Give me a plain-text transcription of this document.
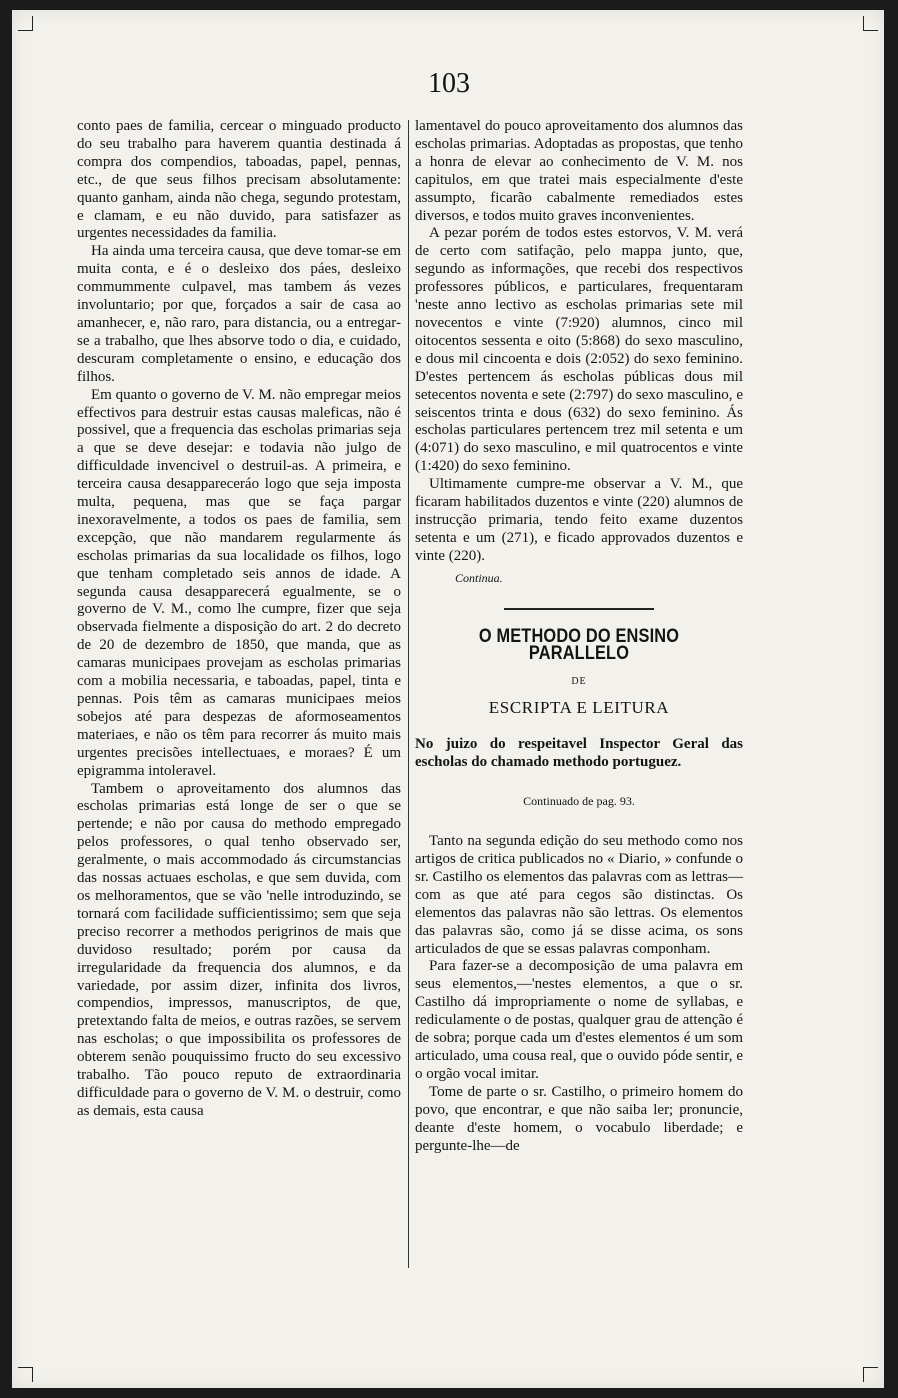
103

conto paes de familia, cercear o minguado producto do seu trabalho para haverem quantia destinada á compra dos compendios, taboadas, papel, pennas, etc., de que seus filhos precisam absolutamente: quanto ganham, ainda não chega, segundo protestam, e clamam, e eu não duvido, para satisfazer as urgentes necessidades da familia.

Ha ainda uma terceira causa, que deve tomar-se em muita conta, e é o desleixo dos páes, desleixo commummente culpavel, mas tambem ás vezes involuntario; por que, forçados a sair de casa ao amanhecer, e, não raro, para distancia, ou a entregar-se a trabalho, que lhes absorve todo o dia, e cuidado, descuram completamente o ensino, e educação dos filhos.

Em quanto o governo de V. M. não empregar meios effectivos para destruir estas causas maleficas, não é possivel, que a frequencia das escholas primarias seja a que se deve desejar: e todavia não julgo de difficuldade invencivel o destruil-as. A primeira, e terceira causa desappareceráo logo que seja imposta multa, pequena, mas que se faça pargar inexoravelmente, a todos os paes de familia, sem excepção, que não mandarem regularmente ás escholas primarias da sua localidade os filhos, logo que tenham completado seis annos de idade. A segunda causa desapparecerá egualmente, se o governo de V. M., como lhe cumpre, fizer que seja observada fielmente a disposição do art. 2 do decreto de 20 de dezembro de 1850, que manda, que as camaras municipaes provejam as escholas primarias com a mobilia necessaria, e taboadas, papel, tinta e pennas. Pois têm as camaras municipaes meios sobejos até para despezas de aformoseamentos materiaes, e não os têm para recorrer ás muito mais urgentes precisões intellectuaes, e moraes? É um epigramma intoleravel.

Tambem o aproveitamento dos alumnos das escholas primarias está longe de ser o que se pertende; e não por causa do methodo empregado pelos professores, o qual tenho observado ser, geralmente, o mais accommodado ás circumstancias das nossas actuaes escholas, e que sem duvida, com os melhoramentos, que se vão 'nelle introduzindo, se tornará com facilidade sufficientissimo; sem que seja preciso recorrer a methodos perigrinos de mais que duvidoso resultado; porém por causa da irregularidade da frequencia dos alumnos, e da variedade, por assim dizer, infinita dos livros, compendios, impressos, manuscriptos, de que, pretextando falta de meios, e outras razões, se servem nas escholas; o que impossibilita os professores de obterem senão pouquissimo fructo do seu excessivo trabalho. Tão pouco reputo de extraordinaria difficuldade para o governo de V. M. o destruir, como as demais, esta causa

lamentavel do pouco aproveitamento dos alumnos das escholas primarias. Adoptadas as propostas, que tenho a honra de elevar ao conhecimento de V. M. nos capitulos, em que tratei mais especialmente d'este assumpto, ficarão cabalmente remediados estes diversos, e todos muito graves inconvenientes.

A pezar porém de todos estes estorvos, V. M. verá de certo com satifação, pelo mappa junto, que, segundo as informações, que recebi dos respectivos professores públicos, e particulares, frequentaram 'neste anno lectivo as escholas primarias sete mil novecentos e vinte (7:920) alumnos, cinco mil oitocentos sessenta e oito (5:868) do sexo masculino, e dous mil cincoenta e dois (2:052) do sexo feminino. D'estes pertencem ás escholas públicas dous mil setecentos noventa e sete (2:797) do sexo masculino, e seiscentos trinta e dous (632) do sexo feminino. Ás escholas particulares pertencem trez mil setenta e um (4:071) do sexo masculino, e mil quatrocentos e vinte (1:420) do sexo feminino.

Ultimamente cumpre-me observar a V. M., que ficaram habilitados duzentos e vinte (220) alumnos de instrucção primaria, tendo feito exame duzentos setenta e um (271), e ficado approvados duzentos e vinte (220).

Continua.

O METHODO DO ENSINO PARALLELO
DE
ESCRIPTA E LEITURA

No juizo do respeitavel Inspector Geral das escholas do chamado methodo portuguez.

Continuado de pag. 93.

Tanto na segunda edição do seu methodo como nos artigos de critica publicados no « Diario, » confunde o sr. Castilho os elementos das palavras com as lettras—com as que até para cegos são distinctas. Os elementos das palavras não são lettras. Os elementos das palavras são, como já se disse acima, os sons articulados de que se essas palavras componham.

Para fazer-se a decomposição de uma palavra em seus elementos,—'nestes elementos, a que o sr. Castilho dá impropriamente o nome de syllabas, e rediculamente o de postas, qualquer grau de attenção é de sobra; porque cada um d'estes elementos é um som articulado, uma cousa real, que o ouvido póde sentir, e o orgão vocal imitar.

Tome de parte o sr. Castilho, o primeiro homem do povo, que encontrar, e que não saiba ler; pronuncie, deante d'este homem, o vocabulo liberdade; e pergunte-lhe—de
